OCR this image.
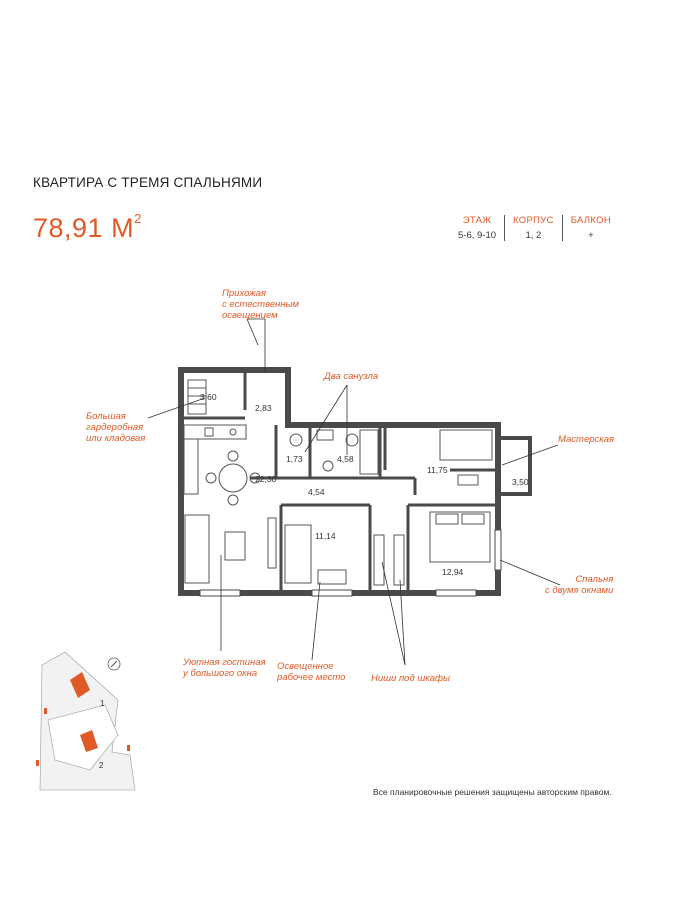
КВАРТИРА С ТРЕМЯ СПАЛЬНЯМИ
78,91 $М^2$	ЭТАЖ
5-6, 9-10
КОРПУС
1, 2
БАЛКОН
+
3,60
2,83
1,73	4,58
11,75
3,50
22,30
4,54
11,14
12,94
1
2
Прихожая
с естественным
освещением
Два санузла
Большая
гардеробная
или кладовая	Мастерская
Спальня
с двумя окнами
Уютная гостиная
у большого окна
Освещенное
рабочее место	Ниши под шкафы
Все планировочные решения защищены авторским правом.
